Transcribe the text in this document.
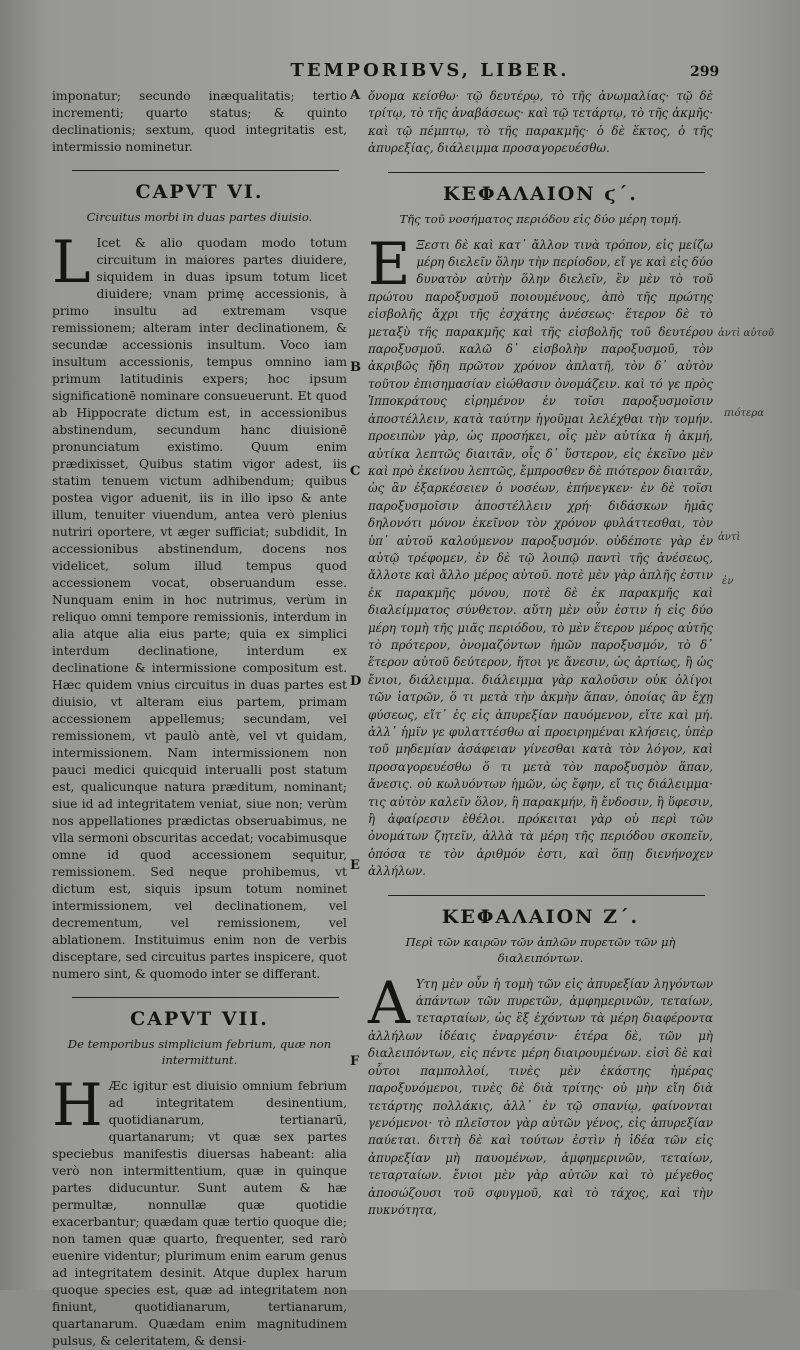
TEMPORIBVS, LIBER.	299

imponatur; secundo inæqualitatis; tertio incrementi; quarto status; & quinto declinationis; sextum, quod integritatis est, intermissio nominetur.

CAPVT VI.
Circuitus morbi in duas partes diuisio.
L Icet & alio quodam modo totum circuitum in maiores partes diuidere, siquidem in duas ipsum totum licet diuidere; vnam primę accessionis, à primo insultu ad extremam vsque remissionem; alteram inter declinationem, & secundæ accessionis insultum. Voco iam insultum accessionis, tempus omnino iam primum latitudinis expers; hoc ipsum significationē nominare consueuerunt. Et quod ab Hippocrate dictum est, in accessionibus abstinendum, secundum hanc diuisionē pronunciatum existimo. Quum enim prædixisset, Quibus statim vigor adest, iis statim tenuem victum adhibendum; quibus postea vigor aduenit, iis in illo ipso & ante illum, tenuiter viuendum, antea verò plenius nutriri oportere, vt æger sufficiat; subdidit, In accessionibus abstinendum, docens nos videlicet, solum illud tempus quod accessionem vocat, obseruandum esse. Nunquam enim in hoc nutrimus, verùm in reliquo omni tempore remissionis, interdum in alia atque alia eius parte; quia ex simplici interdum declinatione, interdum ex declinatione & intermissione compositum est. Hæc quidem vnius circuitus in duas partes est diuisio, vt alteram eius partem, primam accessionem appellemus; secundam, vel remissionem, vt paulò antè, vel vt quidam, intermissionem. Nam intermissionem non pauci medici quicquid interualli post statum est, qualicunque natura præditum, nominant; siue id ad integritatem veniat, siue non; verùm nos appellationes prædictas obseruabimus, ne vlla sermoni obscuritas accedat; vocabimusque omne id quod accessionem sequitur, remissionem. Sed neque prohibemus, vt dictum est, siquis ipsum totum nominet intermissionem, vel declinationem, vel decrementum, vel remissionem, vel ablationem. Instituimus enim non de verbis disceptare, sed circuitus partes inspicere, quot numero sint, & quomodo inter se differant.

CAPVT VII.
De temporibus simplicium febrium, quæ non intermittunt.
H Æc igitur est diuisio omnium febrium ad integritatem desinentium, quotidianarum, tertianarū, quartanarum; vt quæ sex partes speciebus manifestis diuersas habeant: alia verò non intermittentium, quæ in quinque partes diducuntur. Sunt autem & hæ permultæ, nonnullæ quæ quotidie exacerbantur; quædam quæ tertio quoque die; non tamen quæ quarto, frequenter, sed rarò euenire videntur; plurimum enim earum genus ad integritatem desinit. Atque duplex harum quoque species est, quæ ad integritatem non finiunt, quotidianarum, tertianarum, quartanarum. Quædam enim magnitudinem pulsus, & celeritatem, & densi-

A
B
C
D
E
F

ὄνομα κείσθω· τῷ δευτέρῳ, τὸ τῆς ἀνωμαλίας· τῷ δὲ τρίτῳ, τὸ τῆς ἀναβάσεως· καὶ τῷ τετάρτῳ, τὸ τῆς ἀκμῆς· καὶ τῷ πέμπτῳ, τὸ τῆς παρακμῆς· ὁ δὲ ἕκτος, ὁ τῆς ἀπυρεξίας, διάλειμμα προσαγορευέσθω.

ΚΕΦΑΛΑΙΟΝ ϛ΄.
Τῆς τοῦ νοσήματος περιόδου εἰς δύο μέρη τομή.
Ε Ξεστι δὲ καὶ κατ᾽ ἄλλον τινὰ τρόπον, εἰς μείζω μέρη διελεῖν ὅλην τὴν περίοδον, εἴ γε καὶ εἰς δύο δυνατὸν αὐτὴν ὅλην διελεῖν, ἓν μὲν τὸ τοῦ πρώτου παροξυσμοῦ ποιουμένους, ἀπὸ τῆς πρώτης εἰσβολῆς ἄχρι τῆς ἐσχάτης ἀνέσεως· ἕτερον δὲ τὸ μεταξὺ τῆς παρακμῆς καὶ τῆς εἰσβολῆς τοῦ δευτέρου παροξυσμοῦ. καλῶ δ᾽ εἰσβολὴν παροξυσμοῦ, τὸν ἀκριβῶς ἤδη πρῶτον χρόνον ἀπλατῆ, τὸν δ᾽ αὐτὸν τοῦτον ἐπισημασίαν εἰώθασιν ὀνομάζειν. καὶ τό γε πρὸς Ἱπποκράτους εἰρημένον ἐν τοῖσι παροξυσμοῖσιν ἀποστέλλειν, κατὰ ταύτην ἡγοῦμαι λελέχθαι τὴν τομήν. προειπὼν γὰρ, ὡς προσήκει, οἷς μὲν αὐτίκα ἡ ἀκμή, αὐτίκα λεπτῶς διαιτᾶν, οἷς δ᾽ ὕστερον, εἰς ἐκεῖνο μὲν καὶ πρὸ ἐκείνου λεπτῶς, ἔμπροσθεν δὲ πιότερον διαιτᾶν, ὡς ἂν ἐξαρκέσειεν ὁ νοσέων, ἐπήνεγκεν· ἐν δὲ τοῖσι παροξυσμοῖσιν ἀποστέλλειν χρή· διδάσκων ἡμᾶς δηλονότι μόνον ἐκεῖνον τὸν χρόνον φυλάττεσθαι, τὸν ὑπ᾽ αὐτοῦ καλούμενον παροξυσμόν. οὐδέποτε γὰρ ἐν αὐτῷ τρέφομεν, ἐν δὲ τῷ λοιπῷ παντὶ τῆς ἀνέσεως, ἄλλοτε καὶ ἄλλο μέρος αὐτοῦ. ποτὲ μὲν γὰρ ἁπλῆς ἐστιν ἐκ παρακμῆς μόνου, ποτὲ δὲ ἐκ παρακμῆς καὶ διαλείμματος σύνθετον. αὕτη μὲν οὖν ἐστιν ἡ εἰς δύο μέρη τομὴ τῆς μιᾶς περιόδου, τὸ μὲν ἕτερον μέρος αὐτῆς τὸ πρότερον, ὀνομαζόντων ἡμῶν παροξυσμόν, τὸ δ᾽ ἕτερον αὐτοῦ δεύτερον, ἤτοι γε ἄνεσιν, ὡς ἀρτίως, ἢ ὡς ἔνιοι, διάλειμμα. διάλειμμα γὰρ καλοῦσιν οὐκ ὀλίγοι τῶν ἰατρῶν, ὅ τι μετὰ τὴν ἀκμὴν ἅπαν, ὁποίας ἂν ἔχῃ φύσεως, εἴτ᾽ ἐς εἰς ἀπυρεξίαν παυόμενον, εἴτε καὶ μή. ἀλλ᾽ ἡμῖν γε φυλαττέσθω αἱ προειρημέναι κλήσεις, ὑπὲρ τοῦ μηδεμίαν ἀσάφειαν γίνεσθαι κατὰ τὸν λόγον, καὶ προσαγορευέσθω ὅ τι μετὰ τὸν παροξυσμὸν ἅπαν, ἄνεσις. οὐ κωλυόντων ἡμῶν, ὡς ἔφην, εἴ τις διάλειμμα· τις αὐτὸν καλεῖν ὅλον, ἢ παρακμήν, ἢ ἔνδοσιν, ἢ ὕφεσιν, ἢ ἀφαίρεσιν ἐθέλοι. πρόκειται γὰρ οὐ περὶ τῶν ὀνομάτων ζητεῖν, ἀλλὰ τὰ μέρη τῆς περιόδου σκοπεῖν, ὁπόσα τε τὸν ἀριθμόν ἐστι, καὶ ὅπῃ διενήνοχεν ἀλλήλων.

ΚΕΦΑΛΑΙΟΝ Ζ΄.
Περὶ τῶν καιρῶν τῶν ἁπλῶν πυρετῶν τῶν μὴ διαλειπόντων.
Α Υτη μὲν οὖν ἡ τομὴ τῶν εἰς ἀπυρεξίαν ληγόντων ἁπάντων τῶν πυρετῶν, ἀμφημερινῶν, τεταίων, τεταρταίων, ὡς ἓξ ἐχόντων τὰ μέρη διαφέροντα ἀλλήλων ἰδέαις ἐναργέσιν· ἑτέρα δὲ, τῶν μὴ διαλειπόντων, εἰς πέντε μέρη διαιρουμένων. εἰσὶ δὲ καὶ οὗτοι παμπολλοί, τινὲς μὲν ἑκάστης ἡμέρας παροξυνόμενοι, τινὲς δὲ διὰ τρίτης· οὐ μὴν εἴη διὰ τετάρτης πολλάκις, ἀλλ᾽ ἐν τῷ σπανίῳ, φαίνονται γενόμενοι· τὸ πλεῖστον γὰρ αὐτῶν γένος, εἰς ἀπυρεξίαν παύεται. διττὴ δὲ καὶ τούτων ἐστὶν ἡ ἰδέα τῶν εἰς ἀπυρεξίαν μὴ παυομένων, ἀμφημερινῶν, τεταίων, τεταρταίων. ἔνιοι μὲν γὰρ αὐτῶν καὶ τὸ μέγεθος ἀποσώζουσι τοῦ σφυγμοῦ, καὶ τὸ τάχος, καὶ τὴν πυκνότητα,

ἀντὶ αὐτοῦ
πιότερα
ἀντὶ
ἐν
